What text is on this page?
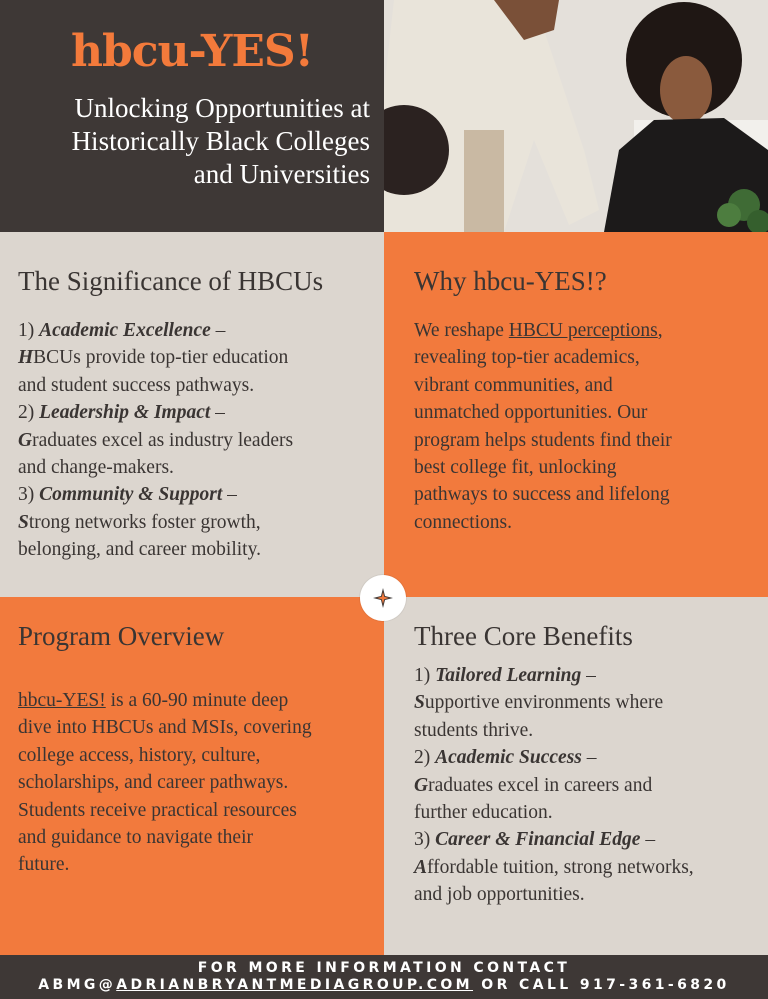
hbcu-YES!
Unlocking Opportunities at
Historically Black Colleges
and Universities
The Significance of HBCUs
1) Academic Excellence –
HBCUs provide top-tier education
and student success pathways.
2) Leadership & Impact –
Graduates excel as industry leaders
and change-makers.
3) Community & Support –
Strong networks foster growth,
belonging, and career mobility.
Why hbcu-YES!?
We reshape HBCU perceptions,
revealing top-tier academics,
vibrant communities, and
unmatched opportunities. Our
program helps students find their
best college fit, unlocking
pathways to success and lifelong
connections.
Program Overview
hbcu-YES! is a 60-90 minute deep
dive into HBCUs and MSIs, covering
college access, history, culture,
scholarships, and career pathways.
Students receive practical resources
and guidance to navigate their
future.
Three Core Benefits
1) Tailored Learning –
Supportive environments where
students thrive.
2) Academic Success –
Graduates excel in careers and
further education.
3) Career & Financial Edge –
Affordable tuition, strong networks,
and job opportunities.
FOR MORE INFORMATION CONTACT
ABMG@ADRIANBRYANTMEDIAGROUP.COM OR CALL 917-361-6820
